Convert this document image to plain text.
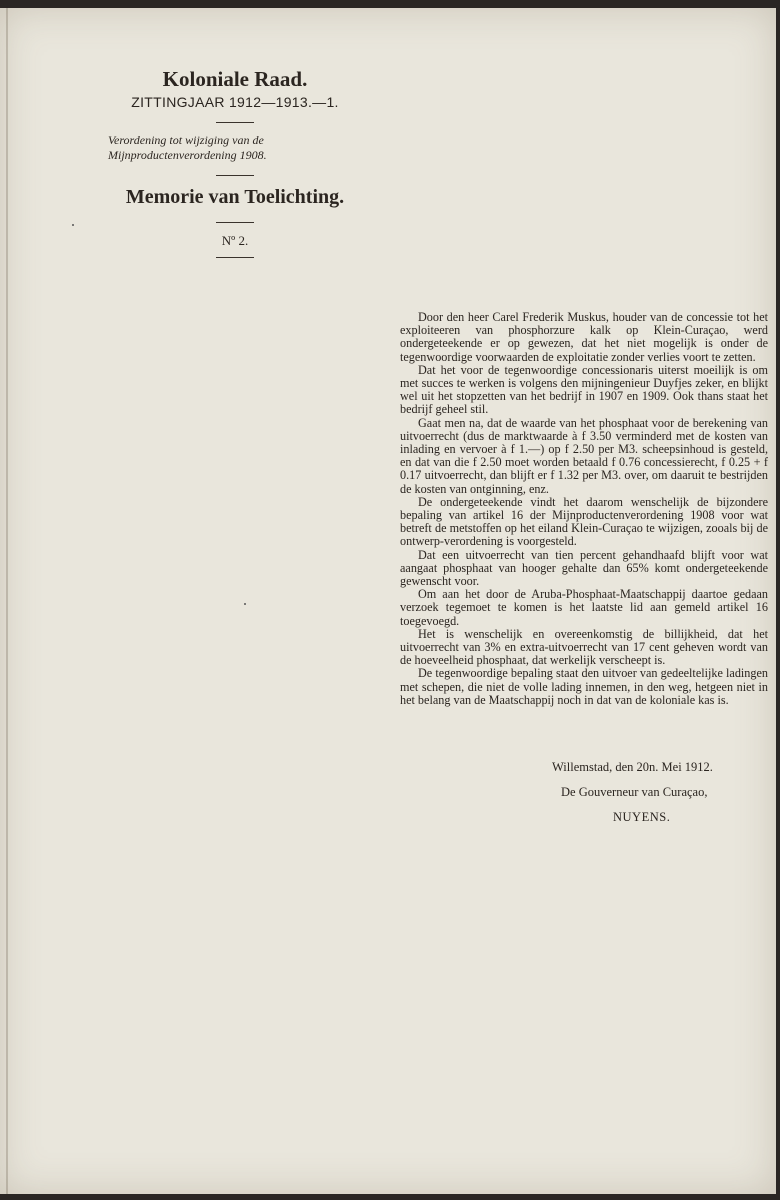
Koloniale Raad.
ZITTINGJAAR 1912—1913.—1.
Verordening tot wijziging van de Mijnproductenverordening 1908.
Memorie van Toelichting.
Nº 2.

Door den heer Carel Frederik Muskus, houder van de concessie tot het exploiteeren van phosphorzure kalk op Klein-Curaçao, werd ondergeteekende er op gewezen, dat het niet mogelijk is onder de tegenwoordige voorwaarden de exploitatie zonder verlies voort te zetten.

Dat het voor de tegenwoordige concessionaris uiterst moeilijk is om met succes te werken is volgens den mijningenieur Duyfjes zeker, en blijkt wel uit het stopzetten van het bedrijf in 1907 en 1909. Ook thans staat het bedrijf geheel stil.

Gaat men na, dat de waarde van het phosphaat voor de berekening van uitvoerrecht (dus de marktwaarde à f 3.50 verminderd met de kosten van inlading en vervoer à f 1.—) op f 2.50 per M3. scheepsinhoud is gesteld, en dat van die f 2.50 moet worden betaald f 0.76 concessierecht, f 0.25 + f 0.17 uitvoerrecht, dan blijft er f 1.32 per M3. over, om daaruit te bestrijden de kosten van ontginning, enz.

De ondergeteekende vindt het daarom wenschelijk de bijzondere bepaling van artikel 16 der Mijnproductenverordening 1908 voor wat betreft de metstoffen op het eiland Klein-Curaçao te wijzigen, zooals bij de ontwerp-verordening is voorgesteld.

Dat een uitvoerrecht van tien percent gehandhaafd blijft voor wat aangaat phosphaat van hooger gehalte dan 65% komt ondergeteekende gewenscht voor.

Om aan het door de Aruba-Phosphaat-Maatschappij daartoe gedaan verzoek tegemoet te komen is het laatste lid aan gemeld artikel 16 toegevoegd.

Het is wenschelijk en overeenkomstig de billijkheid, dat het uitvoerrecht van 3% en extra-uitvoerrecht van 17 cent geheven wordt van de hoeveelheid phosphaat, dat werkelijk verscheept is.

De tegenwoordige bepaling staat den uitvoer van gedeeltelijke ladingen met schepen, die niet de volle lading innemen, in den weg, hetgeen niet in het belang van de Maatschappij noch in dat van de koloniale kas is.

Willemstad, den 20n. Mei 1912.
De Gouverneur van Curaçao,
NUYENS.
